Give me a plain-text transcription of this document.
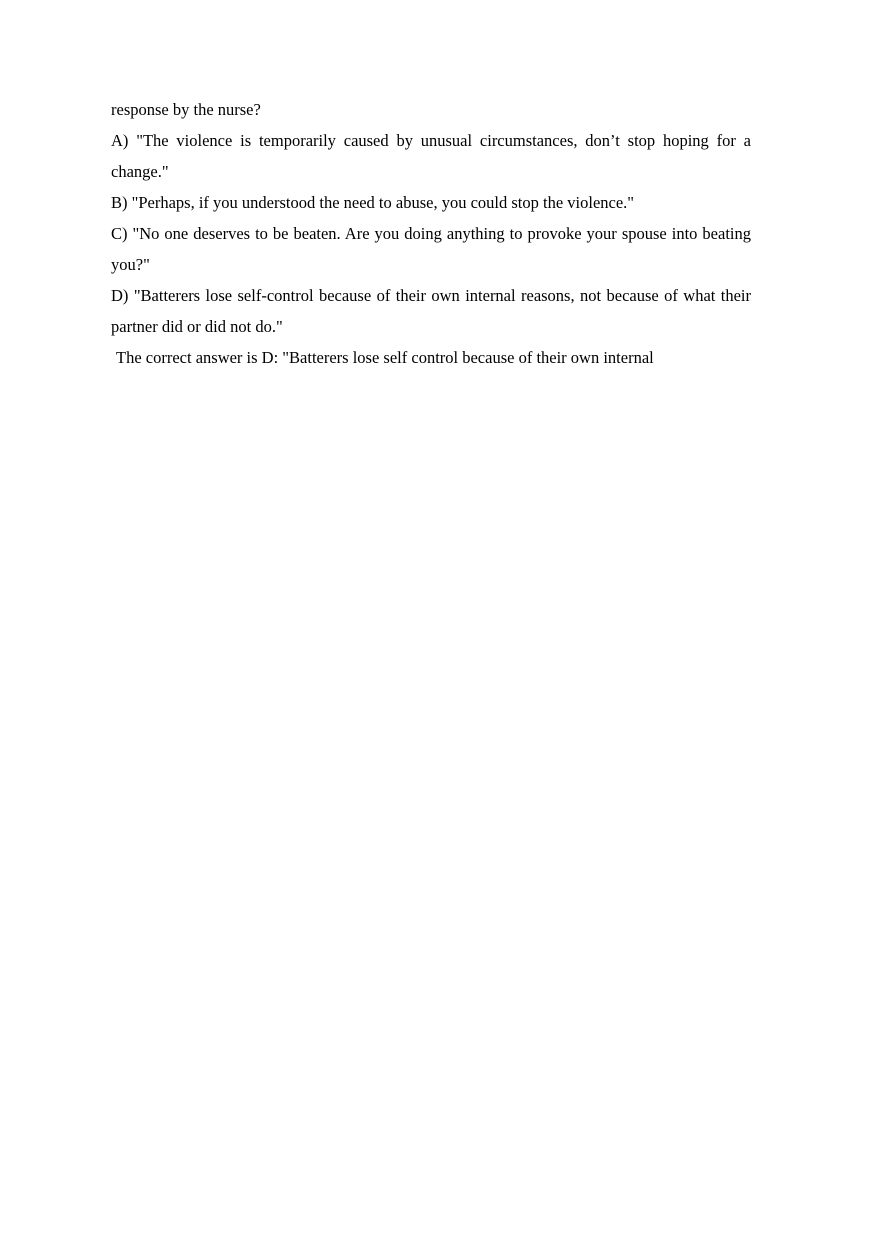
response by the nurse?

A) "The violence is temporarily caused by unusual circumstances, don’t stop hoping for a change."

B) "Perhaps, if you understood the need to abuse, you could stop the violence."

C) "No one deserves to be beaten. Are you doing anything to provoke your spouse into beating you?"

D) "Batterers lose self-control because of their own internal reasons, not because of what their partner did or did not do."

The correct answer is D: "Batterers lose self control because of their own internal
